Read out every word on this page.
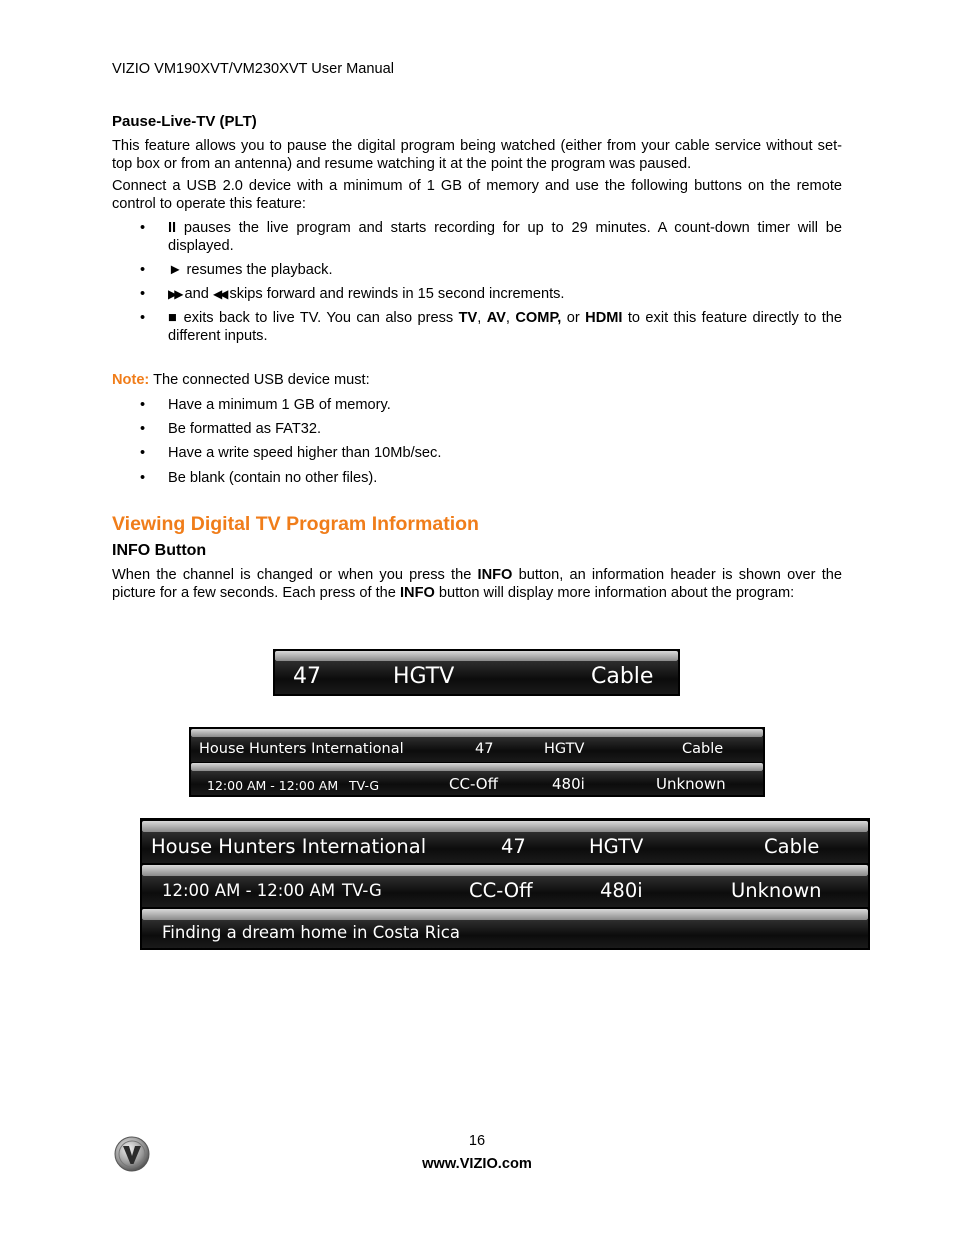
VIZIO VM190XVT/VM230XVT User Manual
Pause-Live-TV (PLT)

This feature allows you to pause the digital program being watched (either from your cable service without set-top box or from an antenna) and resume watching it at the point the program was paused.

Connect a USB 2.0 device with a minimum of 1 GB of memory and use the following buttons on the remote control to operate this feature:

• II pauses the live program and starts recording for up to 29 minutes. A count-down timer will be displayed.
• ► resumes the playback.
• ▶▶ and ◀◀ skips forward and rewinds in 15 second increments.
• ■ exits back to live TV. You can also press TV, AV, COMP, or HDMI to exit this feature directly to the different inputs.
Note: The connected USB device must:
• Have a minimum 1 GB of memory.
• Be formatted as FAT32.
• Have a write speed higher than 10Mb/sec.
• Be blank (contain no other files).
Viewing Digital TV Program Information
INFO Button

When the channel is changed or when you press the INFO button, an information header is shown over the picture for a few seconds. Each press of the INFO button will display more information about the program:

47	HGTV	Cable
House Hunters International	47	HGTV	Cable
12:00 AM - 12:00 AM TV-G	CC-Off	480i	Unknown
House Hunters International	47	HGTV	Cable
12:00 AM - 12:00 AM TV-G	CC-Off	480i	Unknown
Finding a dream home in Costa Rica
16
www.VIZIO.com
